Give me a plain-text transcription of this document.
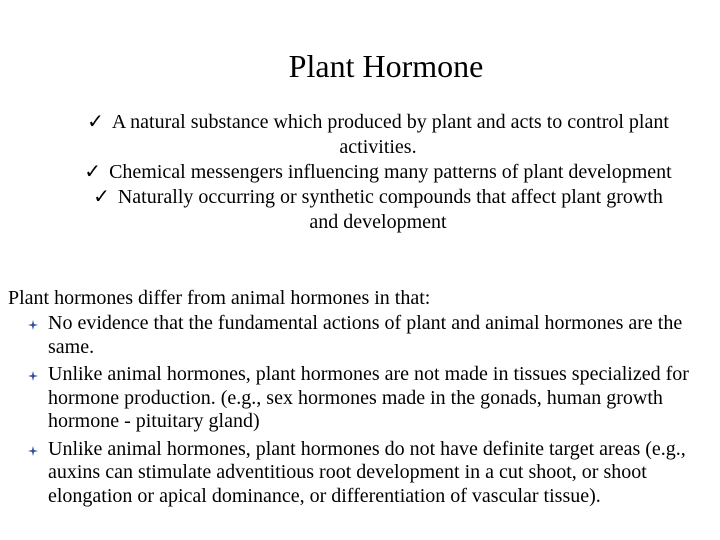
Plant Hormone

✓ A natural substance which produced by plant and acts to control plant activities.

✓ Chemical messengers influencing many patterns of plant development

✓ Naturally occurring or synthetic compounds that affect plant growth and development

Plant hormones differ from animal hormones in that:
No evidence that the fundamental actions of plant and animal hormones are the same.
Unlike animal hormones, plant hormones are not made in tissues specialized for hormone production. (e.g., sex hormones made in the gonads, human growth hormone - pituitary gland)
Unlike animal hormones, plant hormones do not have definite target areas (e.g., auxins can stimulate adventitious root development in a cut shoot, or shoot elongation or apical dominance, or differentiation of vascular tissue).
